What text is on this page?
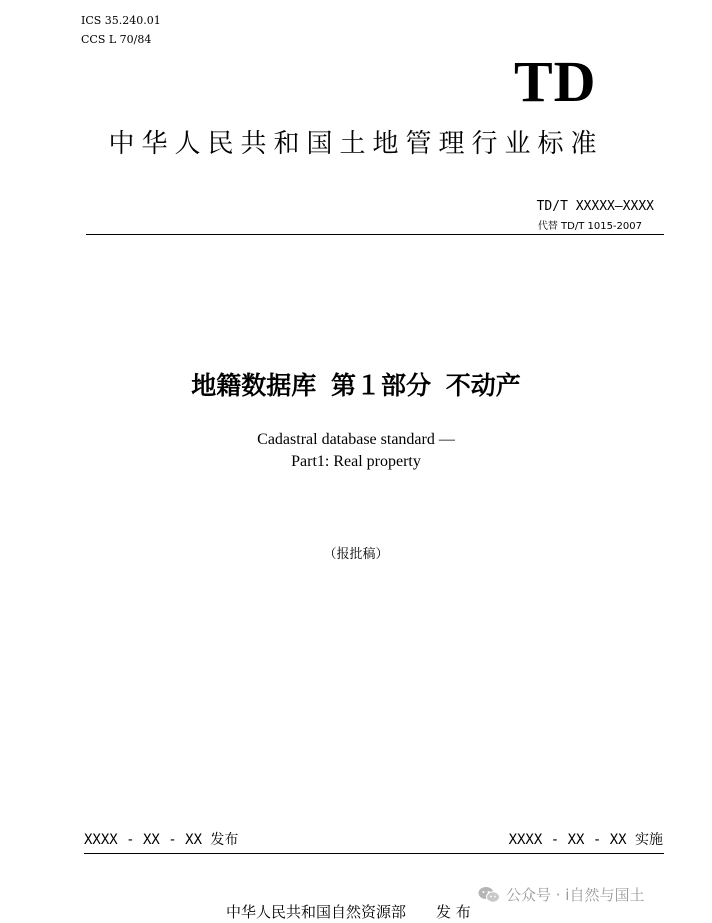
ICS 35.240.01
CCS L 70/84
TD
中华人民共和国土地管理行业标准
TD/T XXXXX—XXXX
代替 TD/T 1015-2007
地籍数据库 第１部分 不动产
Cadastral database standard —
Part1: Real property
（报批稿）
XXXX - XX - XX 发布	XXXX - XX - XX 实施
中华人民共和国自然资源部 发 布
公众号 · i自然与国土
